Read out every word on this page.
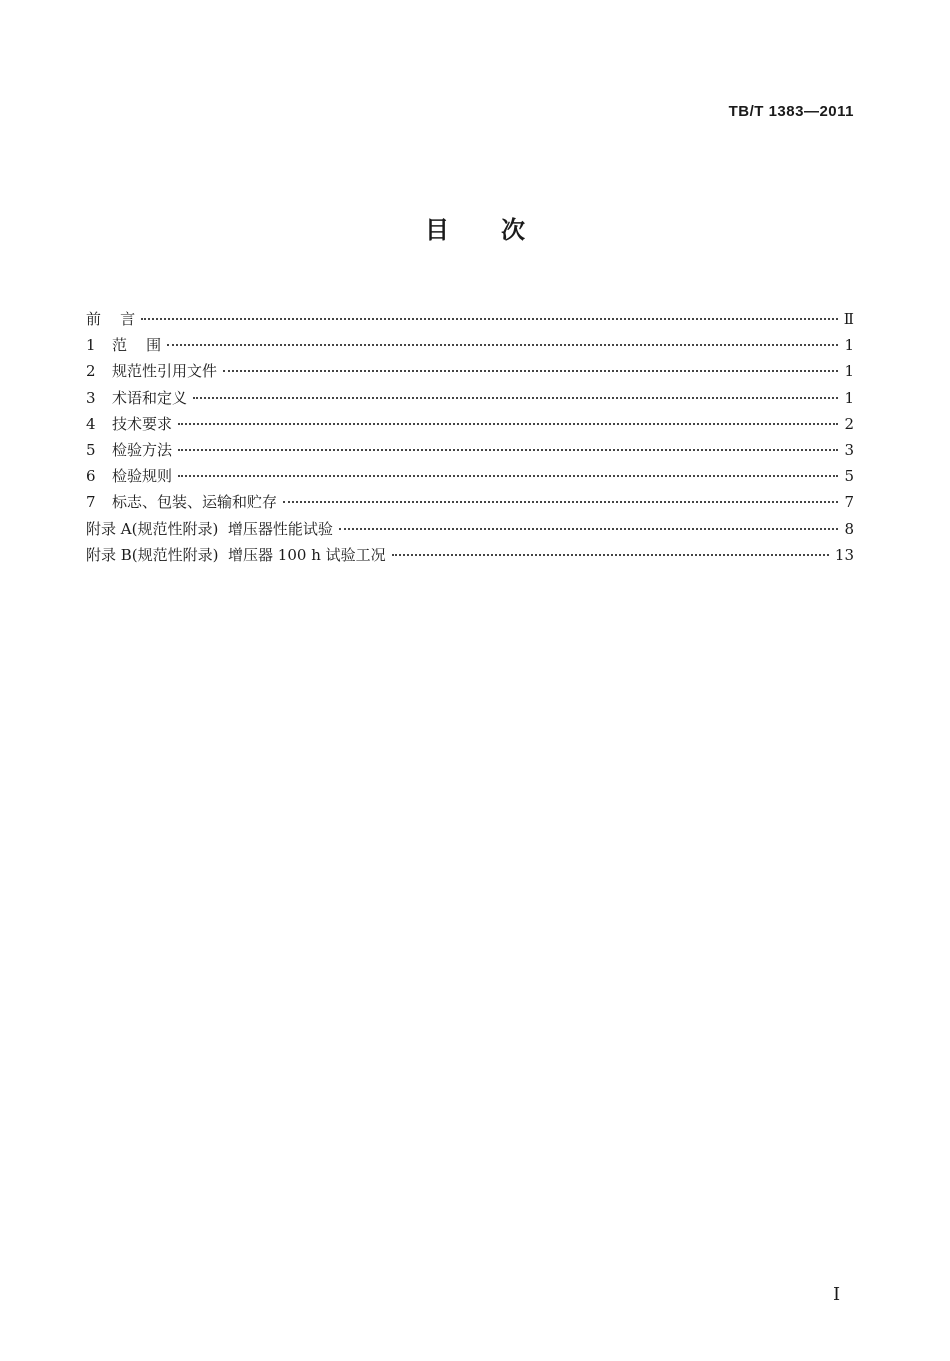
TB/T 1383—2011
目 次
前    言	Ⅱ
1	范    围	1
2	规范性引用文件	1
3	术语和定义	1
4	技术要求	2
5	检验方法	3
6	检验规则	5
7	标志、包装、运输和贮存	7
附录 A(规范性附录)  增压器性能试验	8
附录 B(规范性附录)  增压器 100 h 试验工况	13
Ⅰ
